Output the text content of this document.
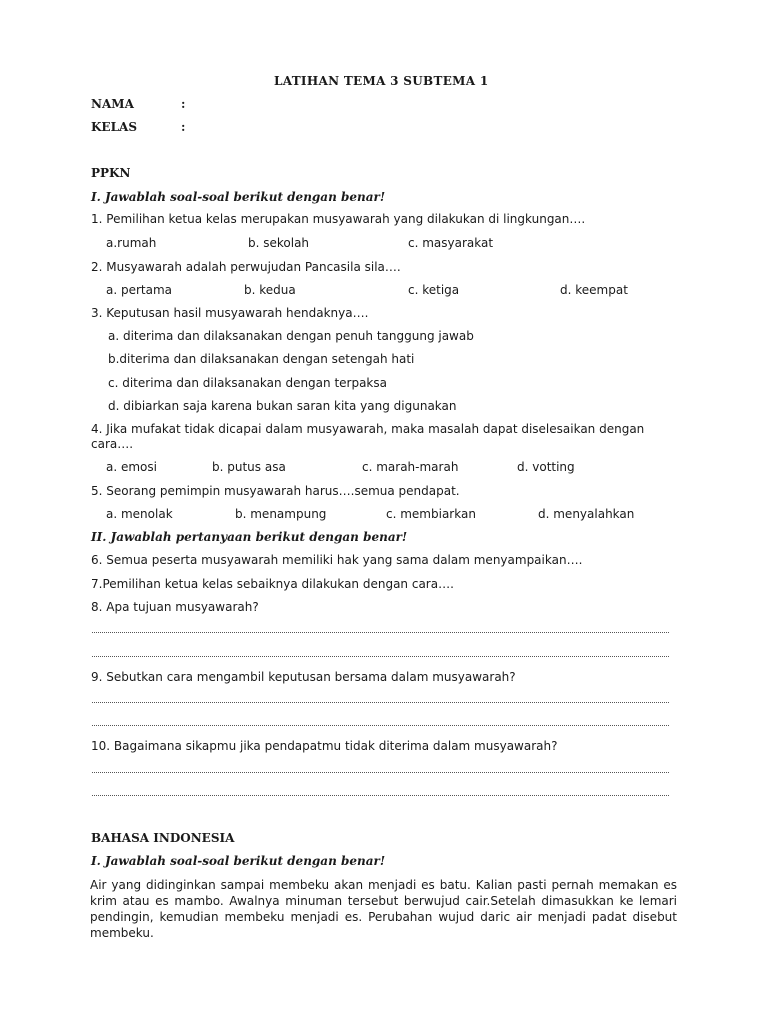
LATIHAN TEMA 3 SUBTEMA 1
NAMA	:
KELAS	:
PPKN
I. Jawablah soal-soal berikut dengan benar!
1. Pemilihan ketua kelas merupakan musyawarah yang dilakukan di lingkungan….
a.rumah	b. sekolah	c. masyarakat
2. Musyawarah adalah perwujudan Pancasila sila….
a. pertama	b. kedua	c. ketiga	d. keempat
3. Keputusan hasil musyawarah hendaknya….
a. diterima dan dilaksanakan dengan penuh tanggung jawab
b.diterima dan dilaksanakan dengan setengah hati
c. diterima dan dilaksanakan dengan terpaksa
d. dibiarkan saja karena bukan saran kita yang digunakan
4. Jika mufakat tidak dicapai dalam musyawarah, maka masalah dapat diselesaikan dengan
cara….
a. emosi	b. putus asa	c. marah-marah	d. votting
5. Seorang pemimpin musyawarah harus….semua pendapat.
a. menolak	b. menampung	c. membiarkan	d. menyalahkan
II. Jawablah pertanyaan berikut dengan benar!
6. Semua peserta musyawarah memiliki hak yang sama dalam menyampaikan….
7.Pemilihan ketua kelas sebaiknya dilakukan dengan cara….
8. Apa tujuan musyawarah?
9. Sebutkan cara mengambil keputusan bersama dalam musyawarah?
10. Bagaimana sikapmu jika pendapatmu tidak diterima dalam musyawarah?
BAHASA INDONESIA
I. Jawablah soal-soal berikut dengan benar!
Air yang didinginkan sampai membeku akan menjadi es batu. Kalian pasti pernah memakan es krim atau es mambo. Awalnya minuman tersebut berwujud cair.Setelah dimasukkan ke lemari pendingin, kemudian membeku menjadi es. Perubahan wujud daric air menjadi padat disebut membeku.
